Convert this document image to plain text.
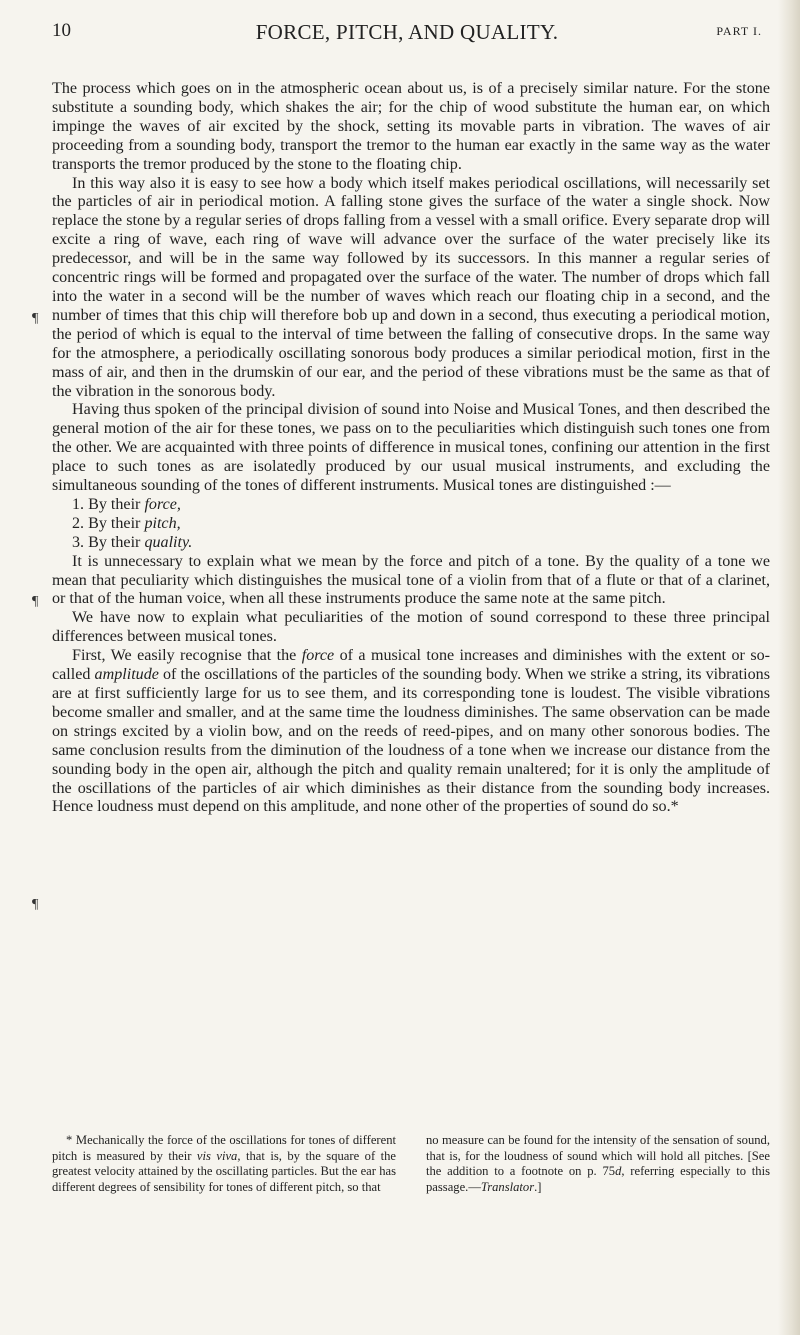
10	FORCE, PITCH, AND QUALITY.	PART I.
¶
¶
¶

The process which goes on in the atmospheric ocean about us, is of a precisely similar nature. For the stone substitute a sounding body, which shakes the air; for the chip of wood substitute the human ear, on which impinge the waves of air excited by the shock, setting its movable parts in vibration. The waves of air proceeding from a sounding body, transport the tremor to the human ear exactly in the same way as the water transports the tremor produced by the stone to the floating chip.

In this way also it is easy to see how a body which itself makes periodical oscillations, will necessarily set the particles of air in periodical motion. A falling stone gives the surface of the water a single shock. Now replace the stone by a regular series of drops falling from a vessel with a small orifice. Every separate drop will excite a ring of wave, each ring of wave will advance over the surface of the water precisely like its predecessor, and will be in the same way followed by its successors. In this manner a regular series of concentric rings will be formed and propagated over the surface of the water. The number of drops which fall into the water in a second will be the number of waves which reach our floating chip in a second, and the number of times that this chip will therefore bob up and down in a second, thus executing a periodical motion, the period of which is equal to the interval of time between the falling of consecutive drops. In the same way for the atmosphere, a periodically oscillating sonorous body produces a similar periodical motion, first in the mass of air, and then in the drumskin of our ear, and the period of these vibrations must be the same as that of the vibration in the sonorous body.

Having thus spoken of the principal division of sound into Noise and Musical Tones, and then described the general motion of the air for these tones, we pass on to the peculiarities which distinguish such tones one from the other. We are acquainted with three points of difference in musical tones, confining our attention in the first place to such tones as are isolatedly produced by our usual musical instruments, and excluding the simultaneous sounding of the tones of different instruments. Musical tones are distinguished :—

1. By their force,

2. By their pitch,

3. By their quality.

It is unnecessary to explain what we mean by the force and pitch of a tone. By the quality of a tone we mean that peculiarity which distinguishes the musical tone of a violin from that of a flute or that of a clarinet, or that of the human voice, when all these instruments produce the same note at the same pitch.

We have now to explain what peculiarities of the motion of sound correspond to these three principal differences between musical tones.

First, We easily recognise that the force of a musical tone increases and diminishes with the extent or so-called amplitude of the oscillations of the particles of the sounding body. When we strike a string, its vibrations are at first sufficiently large for us to see them, and its corresponding tone is loudest. The visible vibrations become smaller and smaller, and at the same time the loudness diminishes. The same observation can be made on strings excited by a violin bow, and on the reeds of reed-pipes, and on many other sonorous bodies. The same conclusion results from the diminution of the loudness of a tone when we increase our distance from the sounding body in the open air, although the pitch and quality remain unaltered; for it is only the amplitude of the oscillations of the particles of air which diminishes as their distance from the sounding body increases. Hence loudness must depend on this amplitude, and none other of the properties of sound do so.*

* Mechanically the force of the oscillations for tones of different pitch is measured by their vis viva, that is, by the square of the greatest velocity attained by the oscillating particles. But the ear has different degrees of sensibility for tones of different pitch, so that

no measure can be found for the intensity of the sensation of sound, that is, for the loudness of sound which will hold all pitches. [See the addition to a footnote on p. 75d, referring especially to this passage.—Translator.]
